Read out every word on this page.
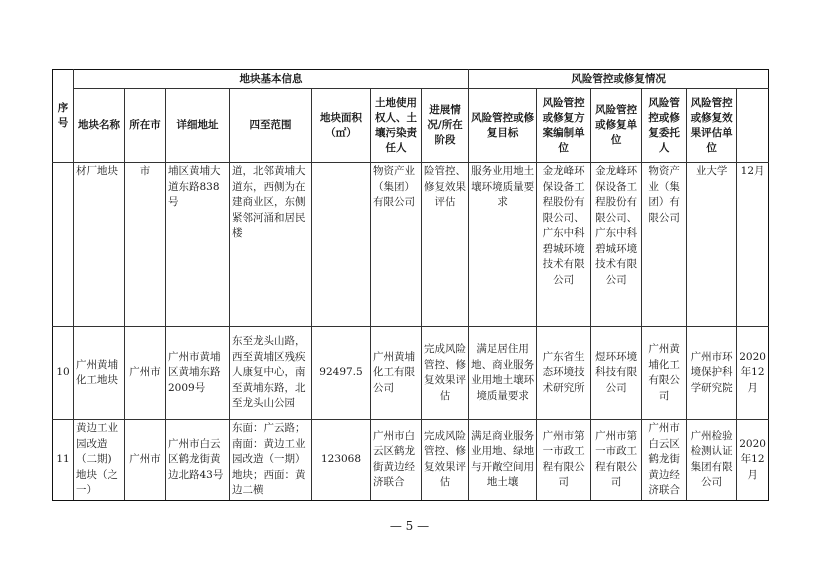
序号	地块基本信息							风险管控或修复情况	
	地块名称	所在市	详细地址	四至范围	地块面积（㎡）	土地使用权人、土壤污染责任人	进展情况/所在阶段	风险管控或修复目标	风险管控或修复方案编制单位	风险管控或修复单位	风险管控或修复委托人	风险管控或修复效果评估单位		
	材厂地块	市	埔区黄埔大道东路838号	道，北邻黄埔大道东，西侧为在建商业区，东侧紧邻河涌和居民楼		物资产业（集团）有限公司	险管控、修复效果评估	服务业用地土壤环境质量要求	金龙峰环保设备工程股份有限公司、广东中科碧城环境技术有限公司	金龙峰环保设备工程股份有限公司、广东中科碧城环境技术有限公司	物资产业（集团）有限公司	业大学	12月	
10	广州黄埔化工地块	广州市	广州市黄埔区黄埔东路2009号	东至龙头山路，西至黄埔区残疾人康复中心，南至黄埔东路，北至龙头山公园	92497.5	广州黄埔化工有限公司	完成风险管控、修复效果评估	满足居住用地、商业服务业用地土壤环境质量要求	广东省生态环境技术研究所	煜环环境科技有限公司	广州黄埔化工有限公司	广州市环境保护科学研究院	2020年12月	
11	黄边工业园改造（二期)地块（之一）	广州市	广州市白云区鹤龙街黄边北路43号	东面：广云路；南面：黄边工业园改造（一期）地块；西面：黄边二横	123068	广州市白云区鹤龙街黄边经济联合	完成风险管控、修复效果评估	满足商业服务业用地、绿地与开敞空间用地土壤	广州市第一市政工程有限公司	广州市第一市政工程有限公司	广州市白云区鹤龙街黄边经济联合	广州检验检测认证集团有限公司	2020年12月	
— 5 —
